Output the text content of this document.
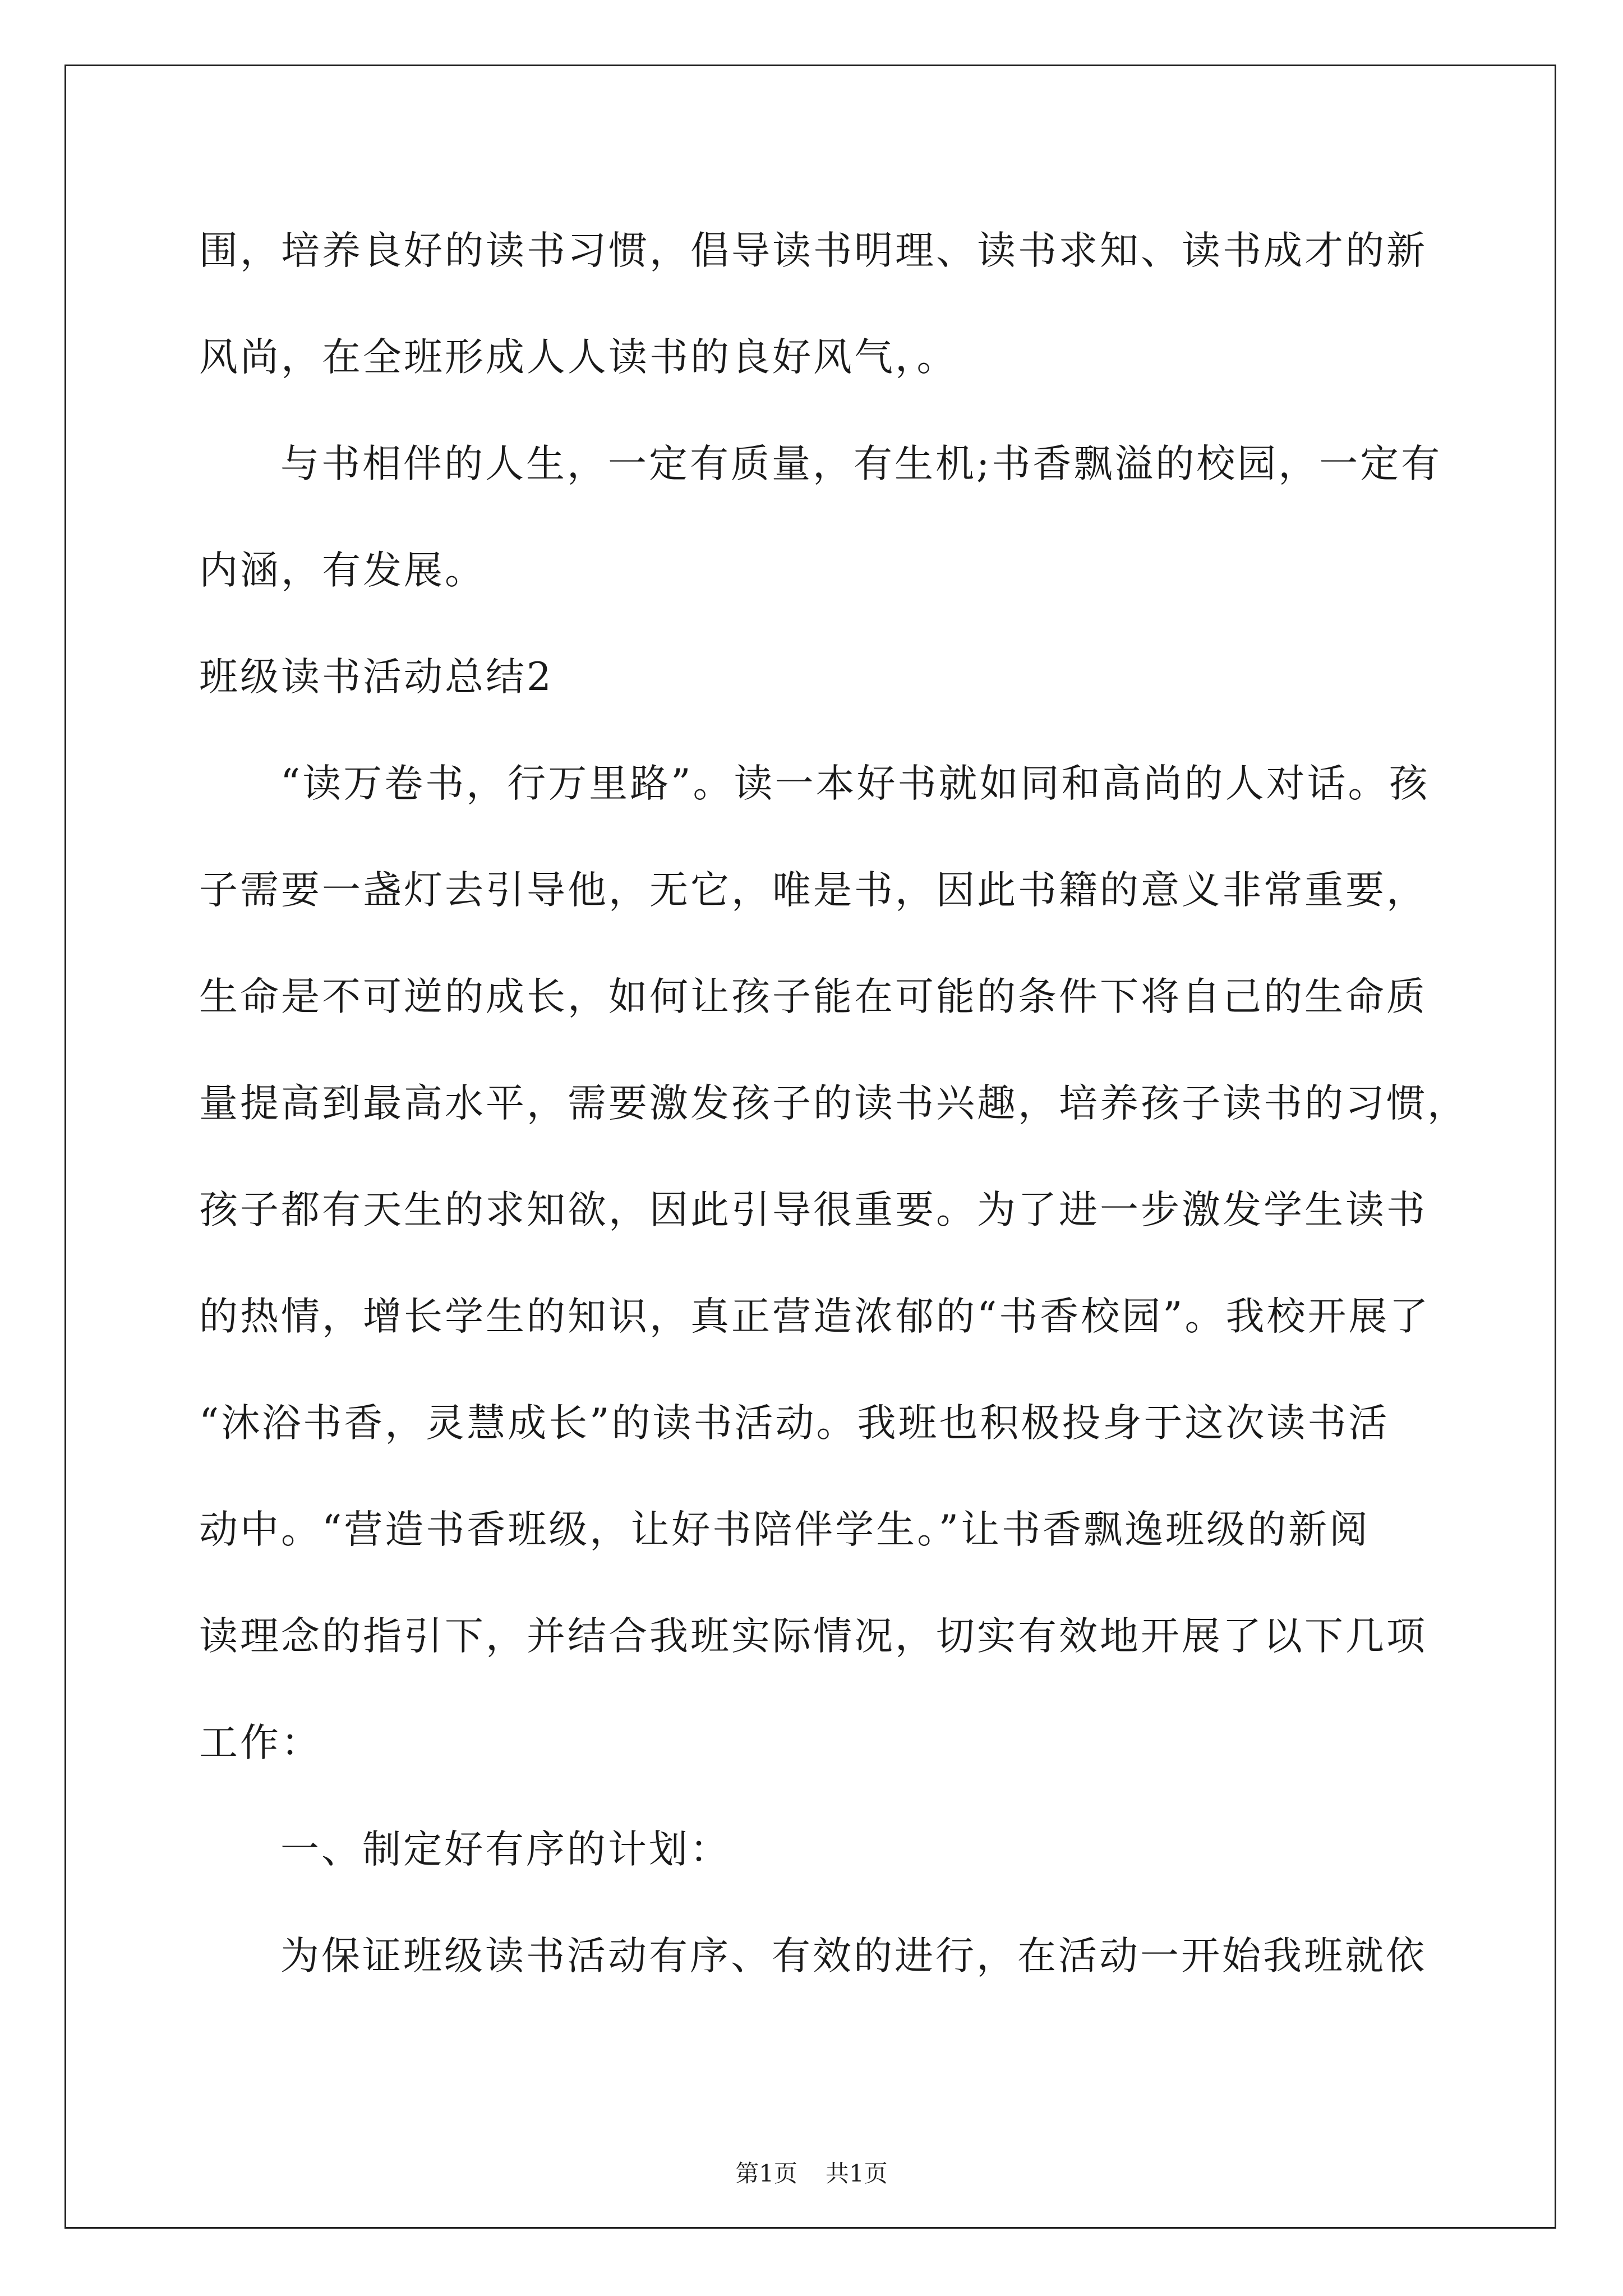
围，培养良好的读书习惯，倡导读书明理、读书求知、读书成才的新
风尚，在全班形成人人读书的良好风气，。
与书相伴的人生，一定有质量，有生机;书香飘溢的校园，一定有
内涵，有发展。
班级读书活动总结2
“读万卷书，行万里路”。读一本好书就如同和高尚的人对话。孩
子需要一盏灯去引导他，无它，唯是书，因此书籍的意义非常重要，
生命是不可逆的成长，如何让孩子能在可能的条件下将自己的生命质
量提高到最高水平，需要激发孩子的读书兴趣，培养孩子读书的习惯，
孩子都有天生的求知欲，因此引导很重要。为了进一步激发学生读书
的热情，增长学生的知识，真正营造浓郁的“书香校园”。我校开展了
“沐浴书香，灵慧成长”的读书活动。我班也积极投身于这次读书活
动中。“营造书香班级，让好书陪伴学生。”让书香飘逸班级的新阅
读理念的指引下，并结合我班实际情况，切实有效地开展了以下几项
工作：
一、制定好有序的计划：
为保证班级读书活动有序、有效的进行，在活动一开始我班就依
第1页 共1页
